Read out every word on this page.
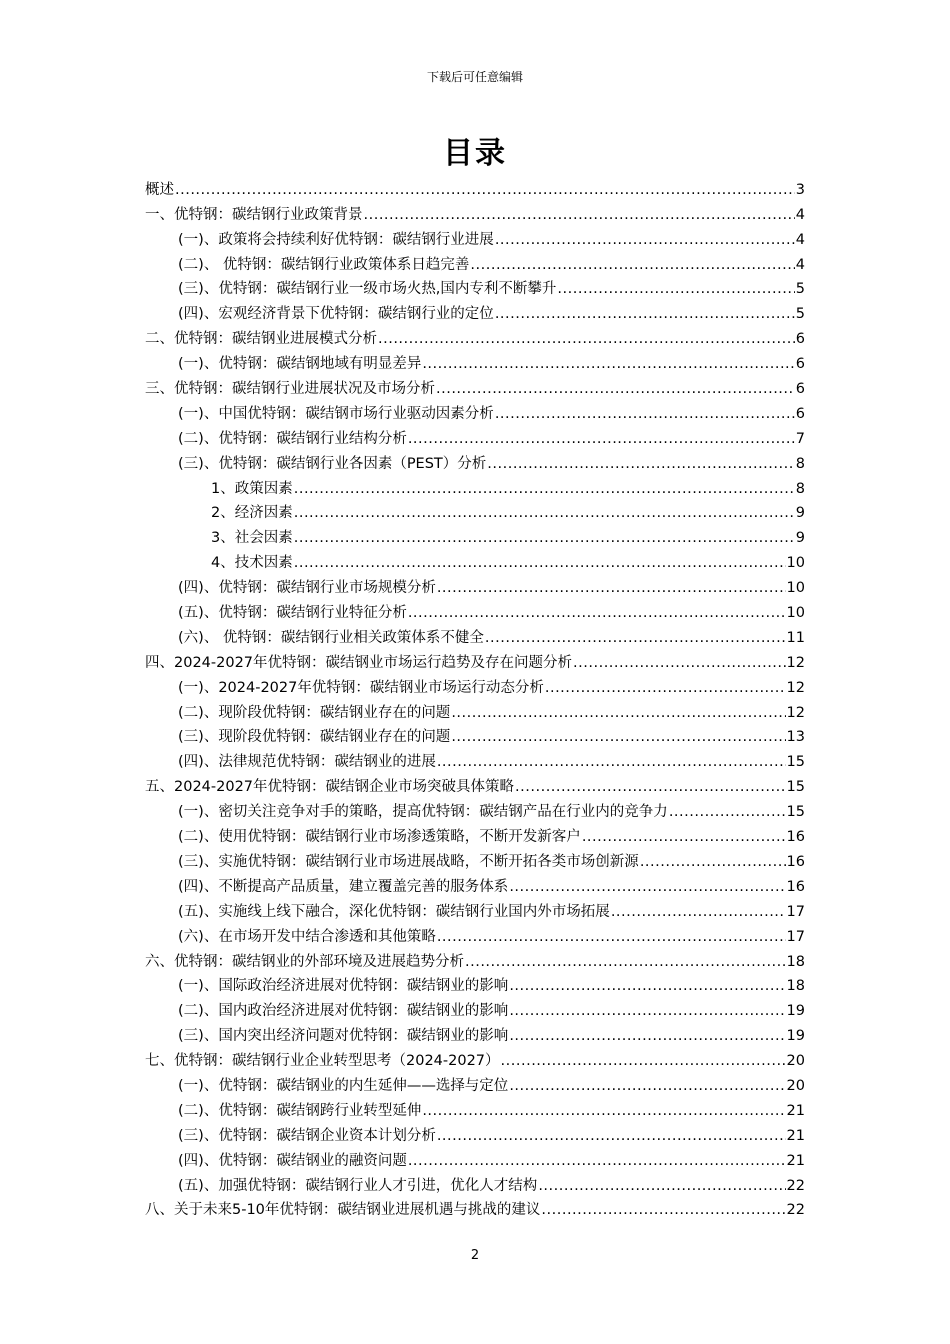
下载后可任意编辑
目录
概述 .....	3
一、优特钢：碳结钢行业政策背景 .....	4
(一)、政策将会持续利好优特钢：碳结钢行业进展 .....	4
(二)、 优特钢：碳结钢行业政策体系日趋完善 .....	4
(三)、优特钢：碳结钢行业一级市场火热,国内专利不断攀升 .....	5
(四)、宏观经济背景下优特钢：碳结钢行业的定位 .....	5
二、优特钢：碳结钢业进展模式分析 .....	6
(一)、优特钢：碳结钢地域有明显差异 .....	6
三、优特钢：碳结钢行业进展状况及市场分析 .....	6
(一)、中国优特钢：碳结钢市场行业驱动因素分析 .....	6
(二)、优特钢：碳结钢行业结构分析 .....	7
(三)、优特钢：碳结钢行业各因素（PEST）分析 .....	8
1、政策因素 .....	8
2、经济因素 .....	9
3、社会因素 .....	9
4、技术因素 .....	10
(四)、优特钢：碳结钢行业市场规模分析 .....	10
(五)、优特钢：碳结钢行业特征分析 .....	10
(六)、 优特钢：碳结钢行业相关政策体系不健全 .....	11
四、2024-2027年优特钢：碳结钢业市场运行趋势及存在问题分析 .....	12
(一)、2024-2027年优特钢：碳结钢业市场运行动态分析 .....	12
(二)、现阶段优特钢：碳结钢业存在的问题 .....	12
(三)、现阶段优特钢：碳结钢业存在的问题 .....	13
(四)、法律规范优特钢：碳结钢业的进展 .....	15
五、2024-2027年优特钢：碳结钢企业市场突破具体策略 .....	15
(一)、密切关注竞争对手的策略，提高优特钢：碳结钢产品在行业内的竞争力 .....	15
(二)、使用优特钢：碳结钢行业市场渗透策略，不断开发新客户 .....	16
(三)、实施优特钢：碳结钢行业市场进展战略，不断开拓各类市场创新源 .....	16
(四)、不断提高产品质量，建立覆盖完善的服务体系 .....	16
(五)、实施线上线下融合，深化优特钢：碳结钢行业国内外市场拓展 .....	17
(六)、在市场开发中结合渗透和其他策略 .....	17
六、优特钢：碳结钢业的外部环境及进展趋势分析 .....	18
(一)、国际政治经济进展对优特钢：碳结钢业的影响 .....	18
(二)、国内政治经济进展对优特钢：碳结钢业的影响 .....	19
(三)、国内突出经济问题对优特钢：碳结钢业的影响 .....	19
七、优特钢：碳结钢行业企业转型思考（2024-2027） .....	20
(一)、优特钢：碳结钢业的内生延伸——选择与定位 .....	20
(二)、优特钢：碳结钢跨行业转型延伸 .....	21
(三)、优特钢：碳结钢企业资本计划分析 .....	21
(四)、优特钢：碳结钢业的融资问题 .....	21
(五)、加强优特钢：碳结钢行业人才引进，优化人才结构 .....	22
八、关于未来5-10年优特钢：碳结钢业进展机遇与挑战的建议 .....	22
2
